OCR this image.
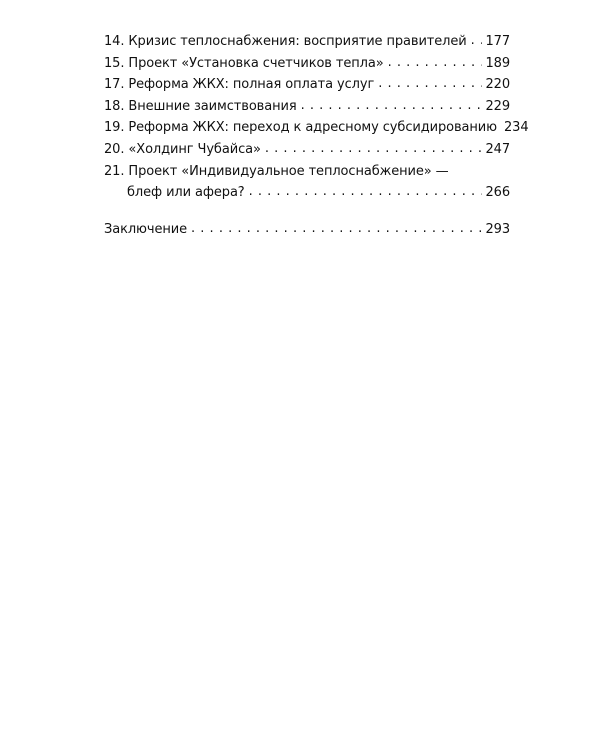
14. Кризис теплоснабжения: восприятие правителей . . . 177
15. Проект «Установка счетчиков тепла» . . .	189
17. Реформа ЖКХ: полная оплата услуг . . .	220
18. Внешние заимствования . . .	229
19. Реформа ЖКХ: переход к адресному субсидированию 234
20. «Холдинг Чубайса» . . .	247
21. Проект «Индивидуальное теплоснабжение» —
блеф или афера? . . .	266
Заключение . . .	293
